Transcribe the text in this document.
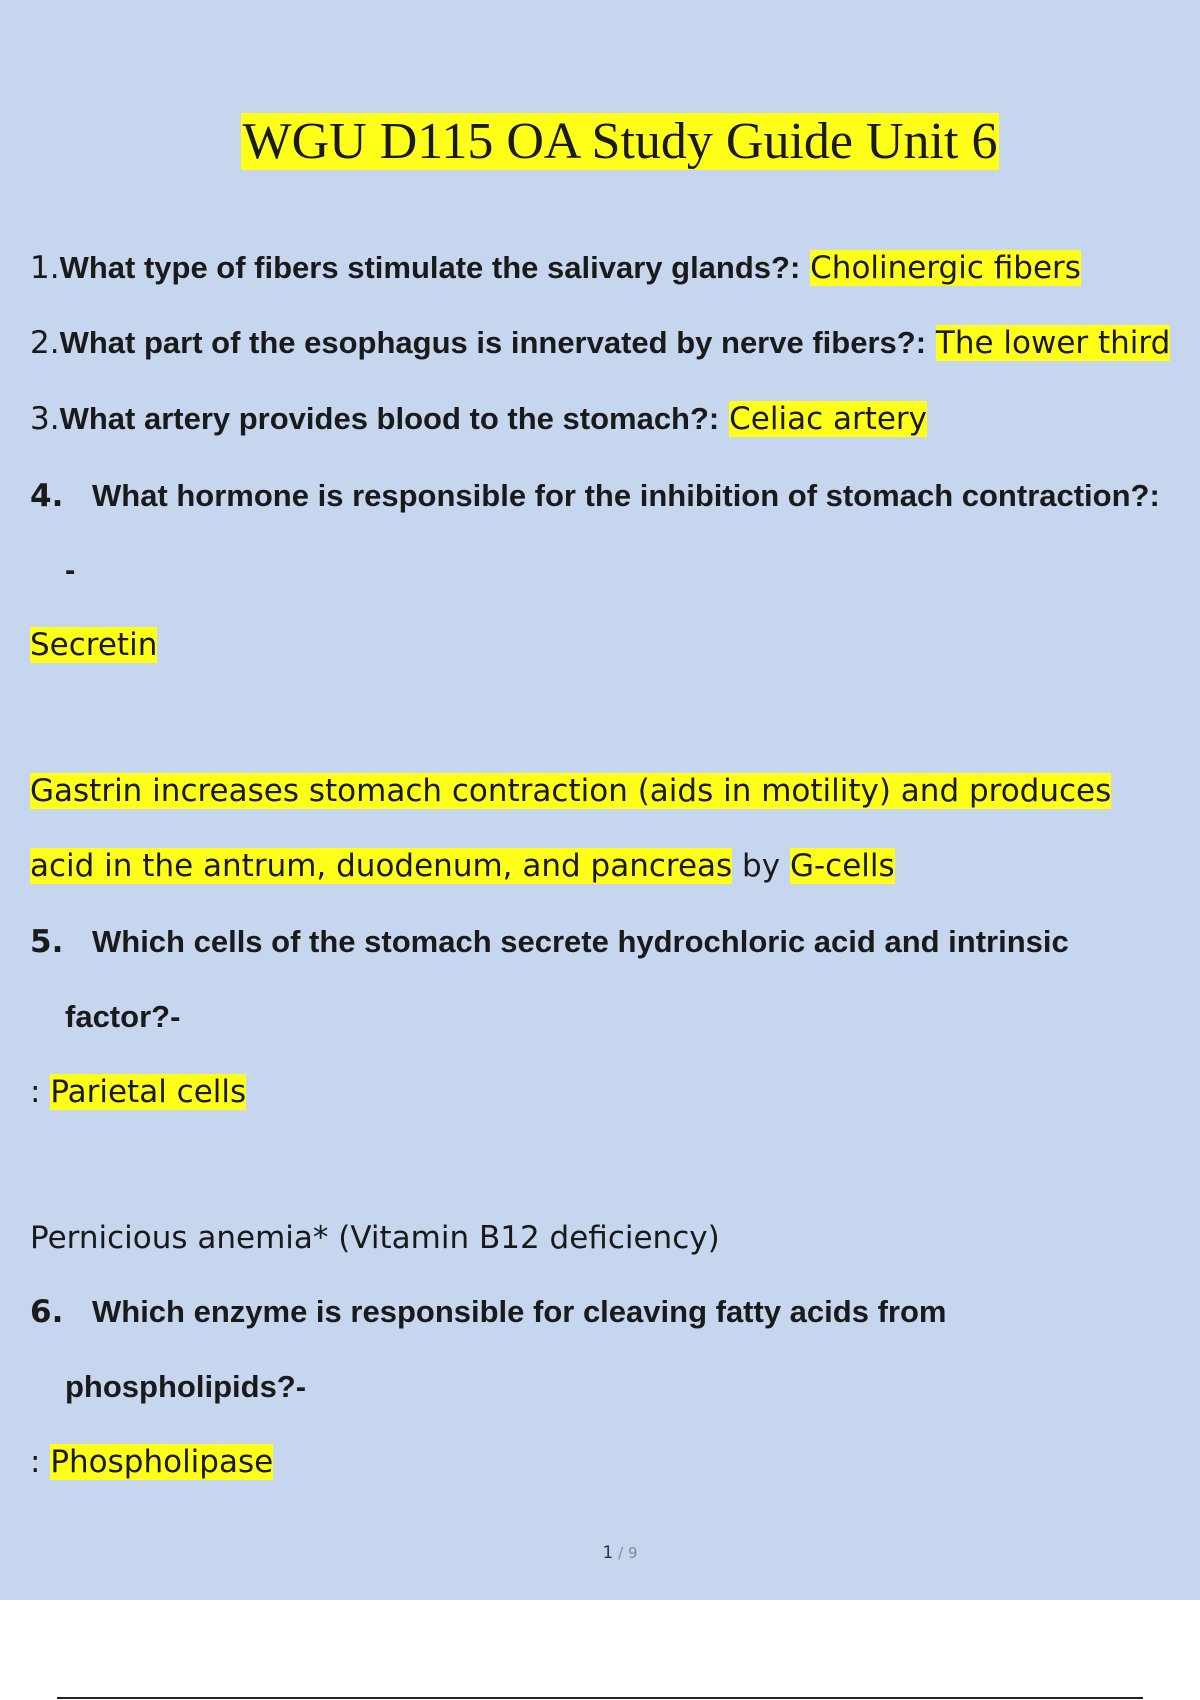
WGU D115 OA Study Guide Unit 6
1.What type of fibers stimulate the salivary glands?: Cholinergic fibers
2.What part of the esophagus is innervated by nerve fibers?: The lower third
3.What artery provides blood to the stomach?: Celiac artery
4. What hormone is responsible for the inhibition of stomach contraction?:
-
Secretin
Gastrin increases stomach contraction (aids in motility) and produces
acid in the antrum, duodenum, and pancreas by G-cells
5. Which cells of the stomach secrete hydrochloric acid and intrinsic
factor?-
: Parietal cells
Pernicious anemia* (Vitamin B12 deficiency)
6. Which enzyme is responsible for cleaving fatty acids from
phospholipids?-
: Phospholipase
1 / 9
